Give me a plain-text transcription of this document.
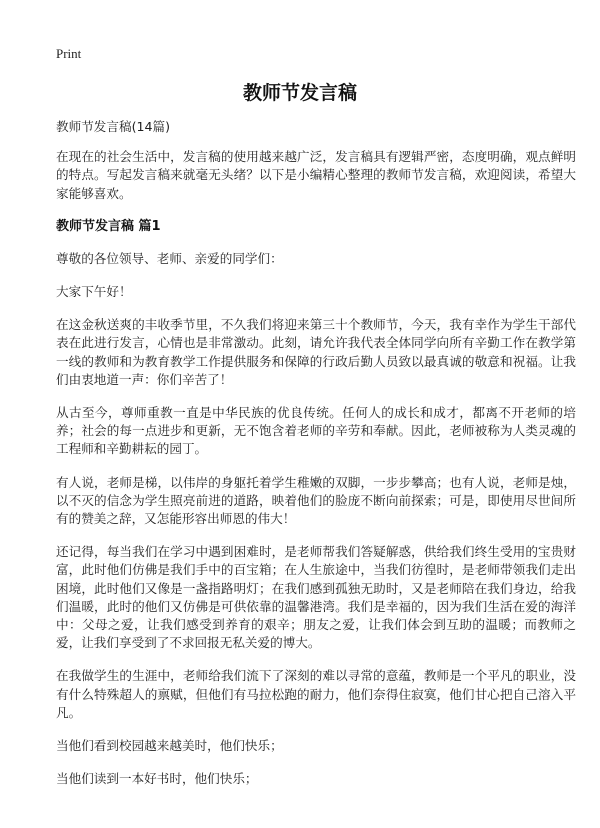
Print
教师节发言稿

教师节发言稿(14篇)

在现在的社会生活中，发言稿的使用越来越广泛，发言稿具有逻辑严密，态度明确，观点鲜明的特点。写起发言稿来就毫无头绪？以下是小编精心整理的教师节发言稿，欢迎阅读，希望大家能够喜欢。

教师节发言稿 篇1

尊敬的各位领导、老师、亲爱的同学们：

大家下午好！

在这金秋送爽的丰收季节里，不久我们将迎来第三十个教师节，今天，我有幸作为学生干部代表在此进行发言，心情也是非常激动。此刻，请允许我代表全体同学向所有辛勤工作在教学第一线的教师和为教育教学工作提供服务和保障的行政后勤人员致以最真诚的敬意和祝福。让我们由衷地道一声：你们辛苦了！

从古至今，尊师重教一直是中华民族的优良传统。任何人的成长和成才，都离不开老师的培养；社会的每一点进步和更新，无不饱含着老师的辛劳和奉献。因此，老师被称为人类灵魂的工程师和辛勤耕耘的园丁。

有人说，老师是梯，以伟岸的身躯托着学生稚嫩的双脚，一步步攀高；也有人说，老师是烛，以不灭的信念为学生照亮前进的道路，映着他们的脸庞不断向前探索；可是，即使用尽世间所有的赞美之辞，又怎能形容出师恩的伟大！

还记得，每当我们在学习中遇到困难时，是老师帮我们答疑解惑，供给我们终生受用的宝贵财富，此时他们仿佛是我们手中的百宝箱；在人生旅途中，当我们彷徨时，是老师带领我们走出困境，此时他们又像是一盏指路明灯；在我们感到孤独无助时，又是老师陪在我们身边，给我们温暖，此时的他们又仿佛是可供依靠的温馨港湾。我们是幸福的，因为我们生活在爱的海洋中：父母之爱，让我们感受到养育的艰辛；朋友之爱，让我们体会到互助的温暖；而教师之爱，让我们享受到了不求回报无私关爱的博大。

在我做学生的生涯中，老师给我们流下了深刻的难以寻常的意蕴，教师是一个平凡的职业，没有什么特殊超人的禀赋，但他们有马拉松跑的耐力，他们奈得住寂寞，他们甘心把自己溶入平凡。

当他们看到校园越来越美时，他们快乐；

当他们读到一本好书时，他们快乐；
